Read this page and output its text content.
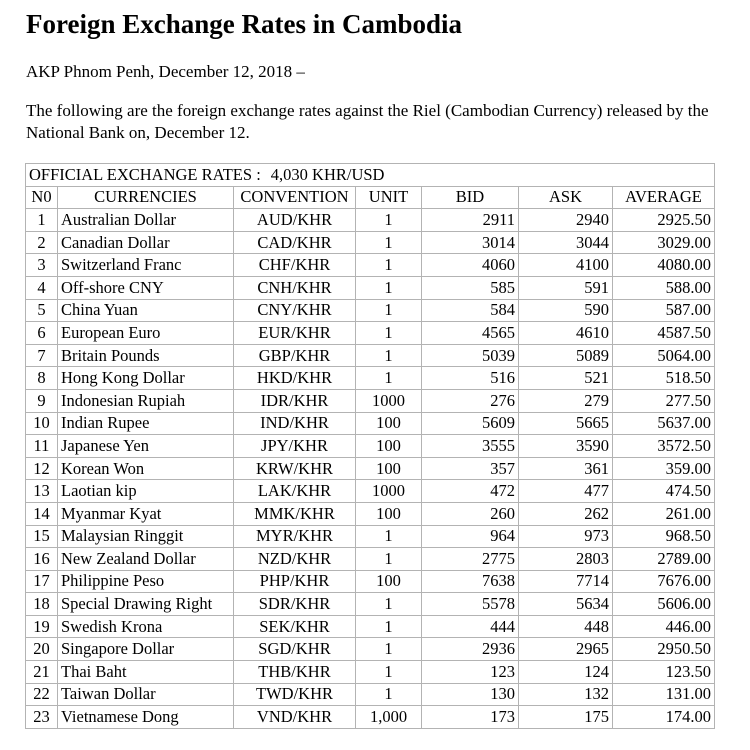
Foreign Exchange Rates in Cambodia
AKP Phnom Penh, December 12, 2018 –
The following are the foreign exchange rates against the Riel (Cambodian Currency) released by the National Bank on, December 12.
OFFICIAL EXCHANGE RATES : 4,030 KHR/USD						
N0	CURRENCIES	CONVENTION	UNIT	BID	ASK	AVERAGE
1	Australian Dollar	AUD/KHR	1	2911	2940	2925.50
2	Canadian Dollar	CAD/KHR	1	3014	3044	3029.00
3	Switzerland Franc	CHF/KHR	1	4060	4100	4080.00
4	Off-shore CNY	CNH/KHR	1	585	591	588.00
5	China Yuan	CNY/KHR	1	584	590	587.00
6	European Euro	EUR/KHR	1	4565	4610	4587.50
7	Britain Pounds	GBP/KHR	1	5039	5089	5064.00
8	Hong Kong Dollar	HKD/KHR	1	516	521	518.50
9	Indonesian Rupiah	IDR/KHR	1000	276	279	277.50
10	Indian Rupee	IND/KHR	100	5609	5665	5637.00
11	Japanese Yen	JPY/KHR	100	3555	3590	3572.50
12	Korean Won	KRW/KHR	100	357	361	359.00
13	Laotian kip	LAK/KHR	1000	472	477	474.50
14	Myanmar Kyat	MMK/KHR	100	260	262	261.00
15	Malaysian Ringgit	MYR/KHR	1	964	973	968.50
16	New Zealand Dollar	NZD/KHR	1	2775	2803	2789.00
17	Philippine Peso	PHP/KHR	100	7638	7714	7676.00
18	Special Drawing Right	SDR/KHR	1	5578	5634	5606.00
19	Swedish Krona	SEK/KHR	1	444	448	446.00
20	Singapore Dollar	SGD/KHR	1	2936	2965	2950.50
21	Thai Baht	THB/KHR	1	123	124	123.50
22	Taiwan Dollar	TWD/KHR	1	130	132	131.00
23	Vietnamese Dong	VND/KHR	1,000	173	175	174.00
